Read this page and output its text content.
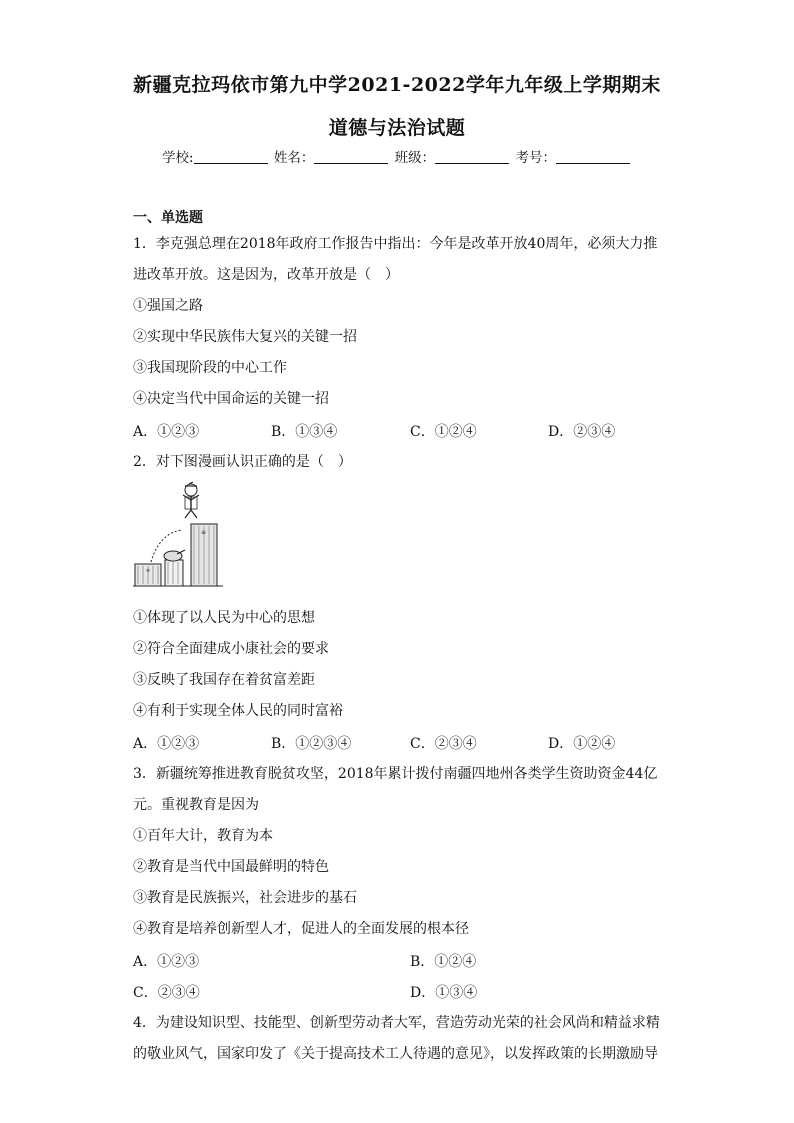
新疆克拉玛依市第九中学2021-2022学年九年级上学期期末
道德与法治试题
学校:	姓名：	班级：	考号：
一、单选题
1．李克强总理在2018年政府工作报告中指出：今年是改革开放40周年，必须大力推
进改革开放。这是因为，改革开放是（　）
①强国之路
②实现中华民族伟大复兴的关键一招
③我国现阶段的中心工作
④决定当代中国命运的关键一招
A．①②③	B．①③④	C．①②④	D．②③④
2．对下图漫画认识正确的是（　）
≡
≡
①体现了以人民为中心的思想
②符合全面建成小康社会的要求
③反映了我国存在着贫富差距
④有利于实现全体人民的同时富裕
A．①②③	B．①②③④	C．②③④	D．①②④
3．新疆统筹推进教育脱贫攻坚，2018年累计拨付南疆四地州各类学生资助资金44亿
元。重视教育是因为
①百年大计，教育为本
②教育是当代中国最鲜明的特色
③教育是民族振兴，社会进步的基石
④教育是培养创新型人才，促进人的全面发展的根本径
A．①②③	B．①②④
C．②③④	D．①③④
4．为建设知识型、技能型、创新型劳动者大军，营造劳动光荣的社会风尚和精益求精
的敬业风气，国家印发了《关于提高技术工人待遇的意见》，以发挥政策的长期激励导
